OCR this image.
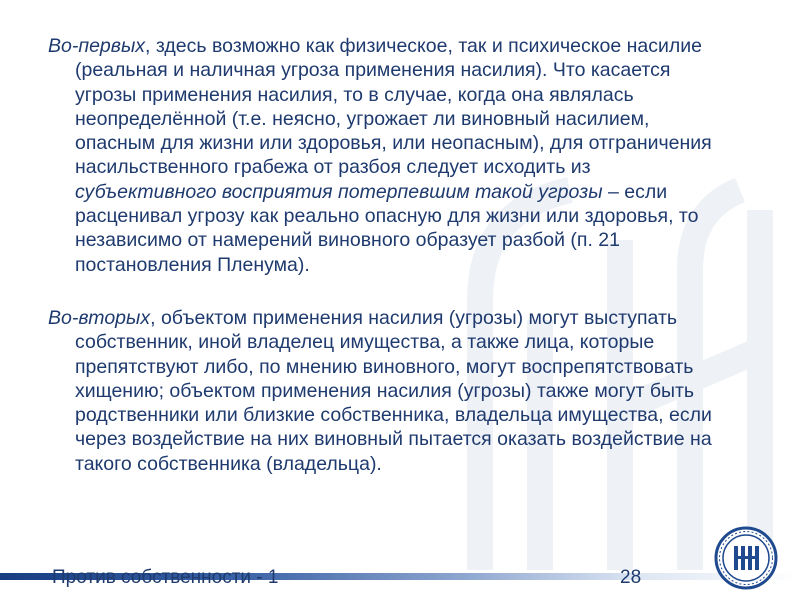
Во-первых, здесь возможно как физическое, так и психическое насилие (реальная и наличная угроза применения насилия). Что касается угрозы применения насилия, то в случае, когда она являлась неопределённой (т.е. неясно, угрожает ли виновный насилием, опасным для жизни или здоровья, или неопасным), для отграничения насильственного грабежа от разбоя следует исходить из субъективного восприятия потерпевшим такой угрозы – если расценивал угрозу как реально опасную для жизни или здоровья, то независимо от намерений виновного образует разбой (п. 21 постановления Пленума).

Во-вторых, объектом применения насилия (угрозы) могут выступать собственник, иной владелец имущества, а также лица, которые препятствуют либо, по мнению виновного, могут воспрепятствовать хищению; объектом применения насилия (угрозы) также могут быть родственники или близкие собственника, владельца имущества, если через воздействие на них виновный пытается оказать воздействие на такого собственника (владельца).

Против собственности - 1	28
